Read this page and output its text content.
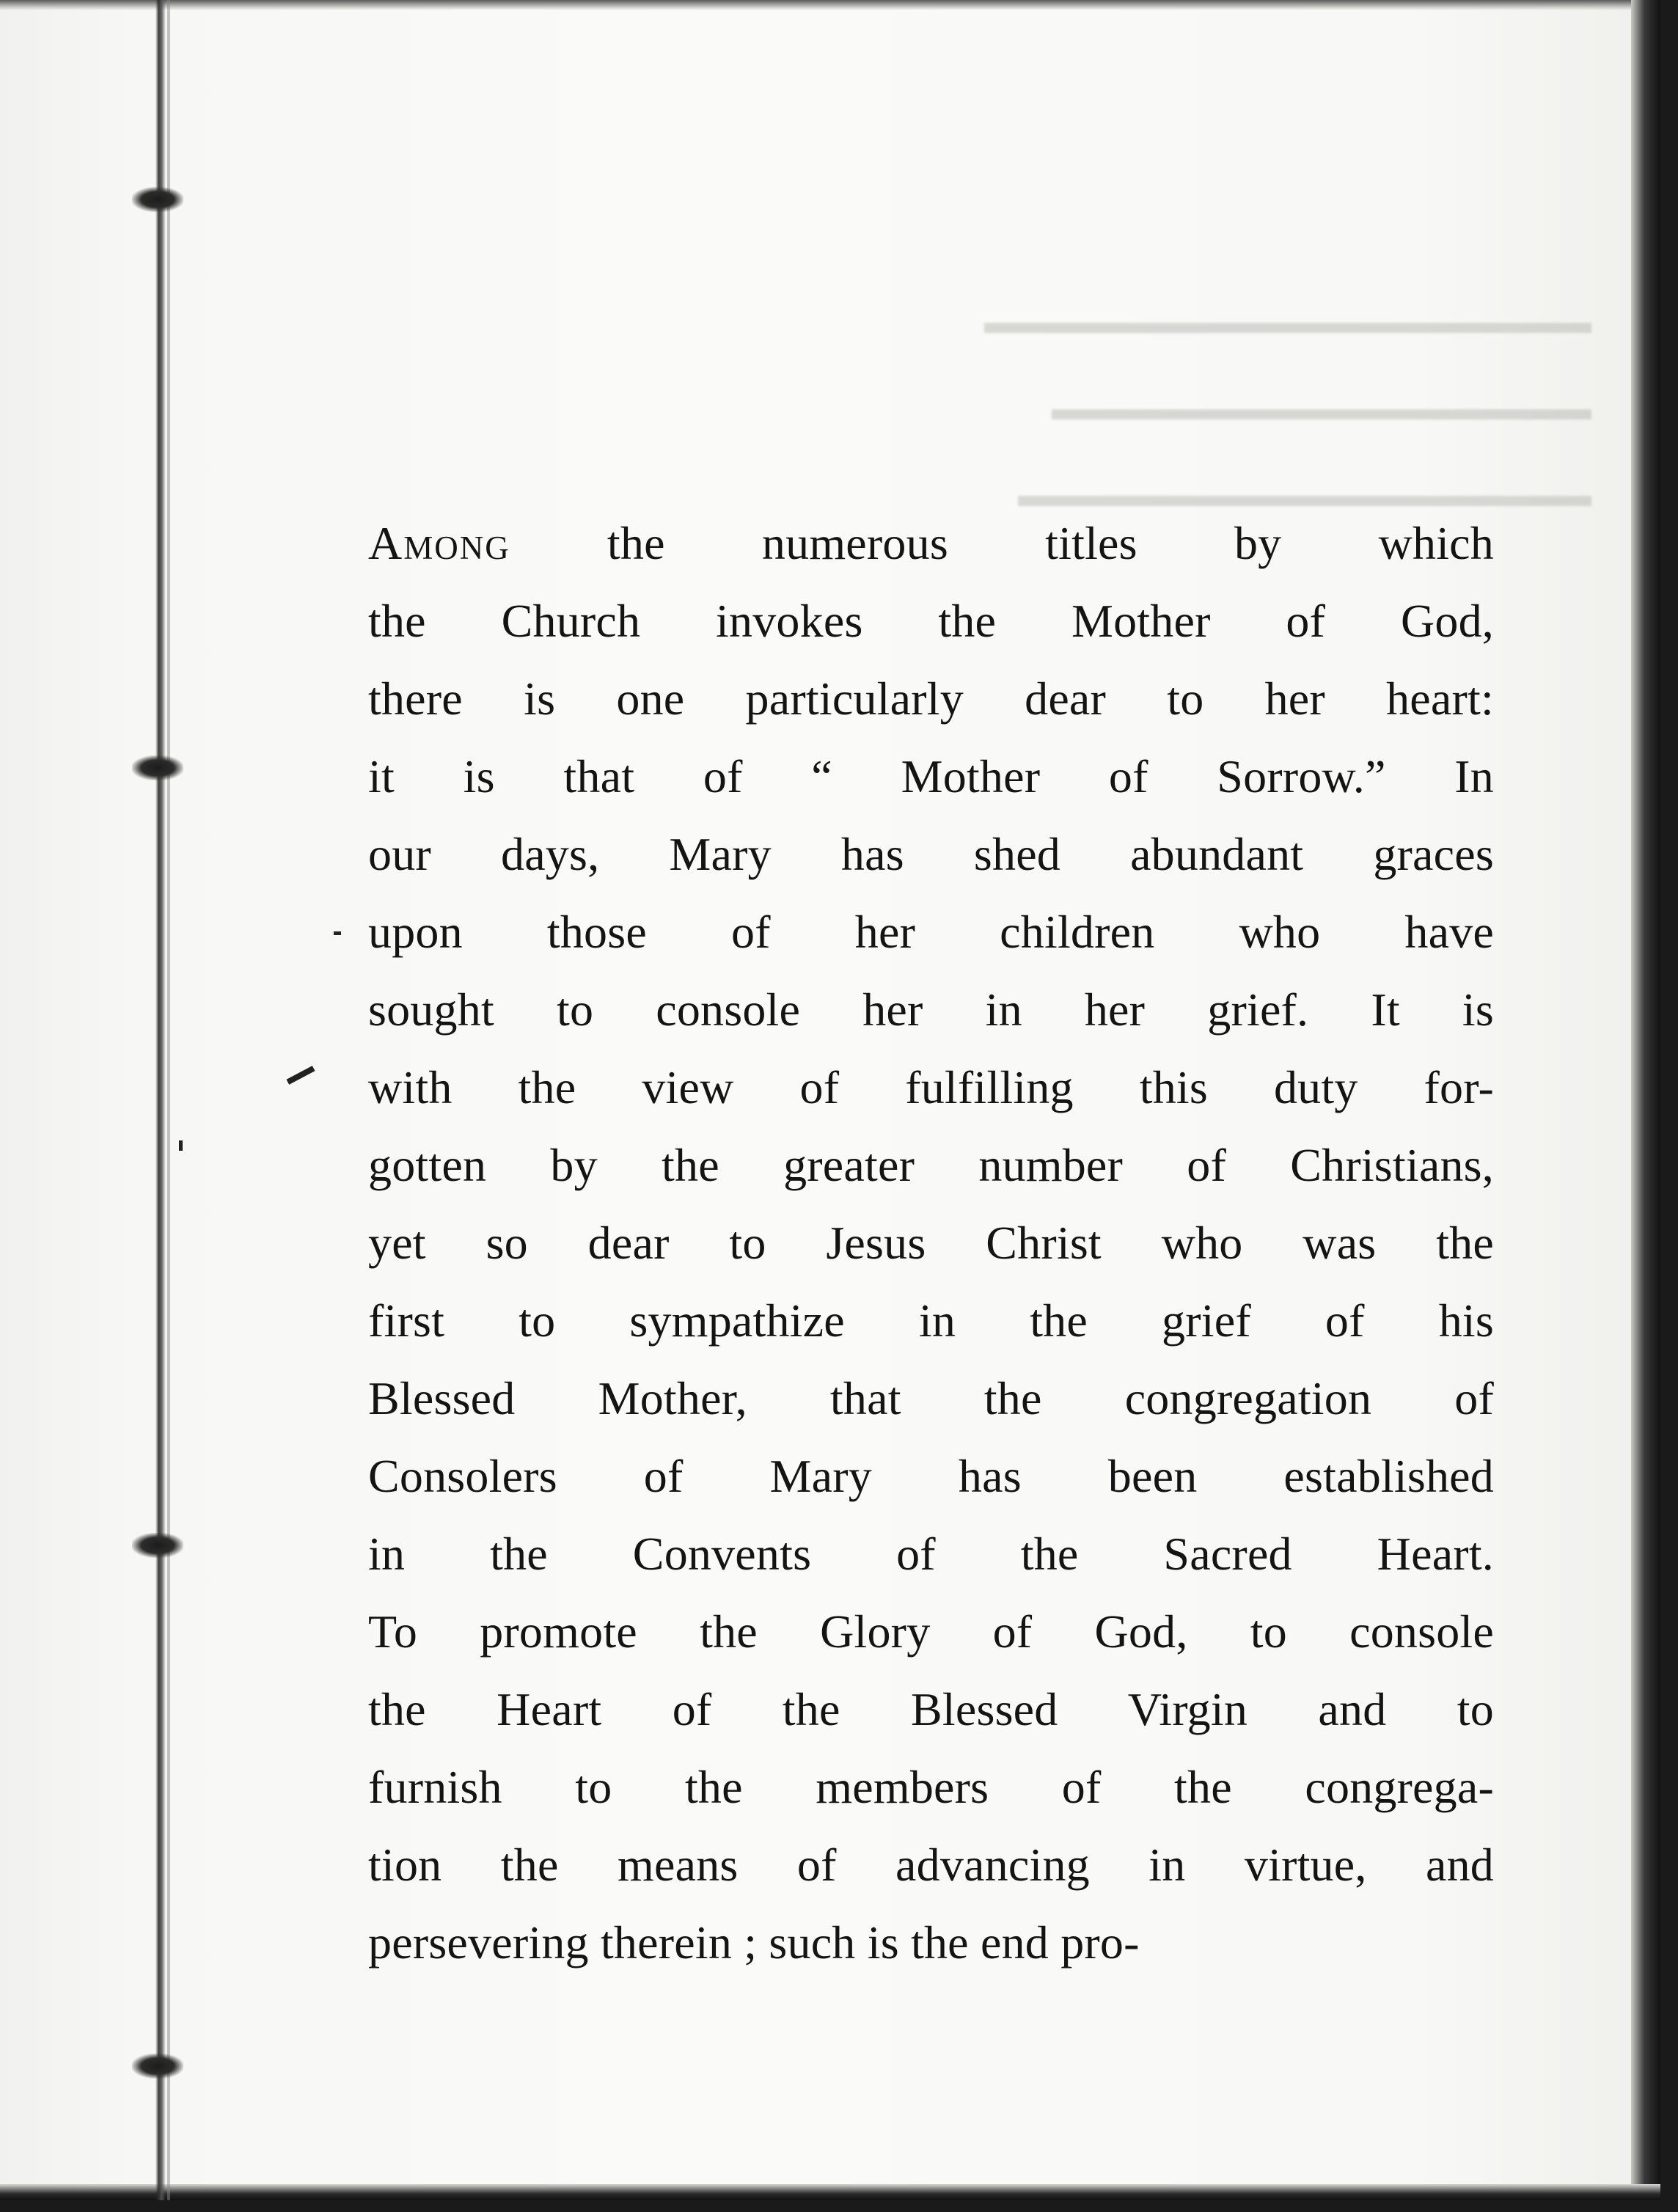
▬▬▬▬▬▬▬▬▬▬▬▬▬▬▬▬▬▬
▬▬▬▬▬▬▬▬▬▬▬▬▬▬▬▬
▬▬▬▬▬▬▬▬▬▬▬▬▬▬▬▬▬
Among the numerous titles by which
the Church invokes the Mother of God,
there is one particularly dear to her heart:
it is that of “ Mother of Sorrow.” In
our days, Mary has shed abundant graces
upon those of her children who have
sought to console her in her grief. It is
with the view of fulfilling this duty for-
gotten by the greater number of Christians,
yet so dear to Jesus Christ who was the
first to sympathize in the grief of his
Blessed Mother, that the congregation of
Consolers of Mary has been established
in the Convents of the Sacred Heart.
To promote the Glory of God, to console
the Heart of the Blessed Virgin and to
furnish to the members of the congrega-
tion the means of advancing in virtue, and
persevering therein ; such is the end pro-
